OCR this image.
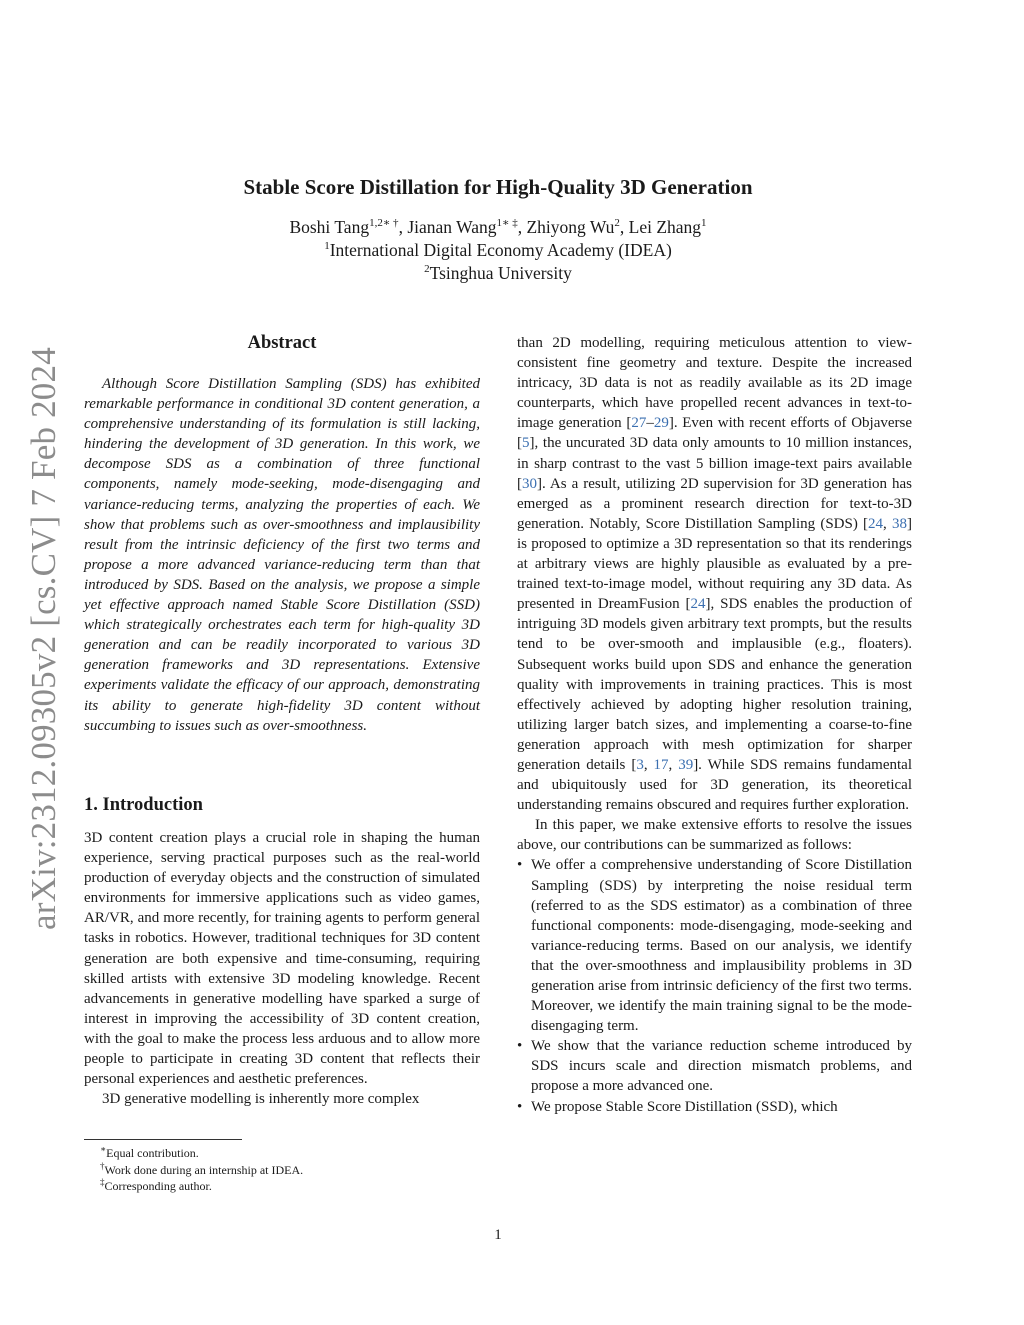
arXiv:2312.09305v2 [cs.CV] 7 Feb 2024
Stable Score Distillation for High-Quality 3D Generation
Boshi Tang$^{1,2∗ \dagger}$, Jianan Wang$^{1∗ \ddagger}$, Zhiyong Wu$^2$, Lei Zhang$^1$
$^1$International Digital Economy Academy (IDEA)
$^2$Tsinghua University
Abstract

Although Score Distillation Sampling (SDS) has exhibited remarkable performance in conditional 3D content generation, a comprehensive understanding of its formulation is still lacking, hindering the development of 3D generation. In this work, we decompose SDS as a combination of three functional components, namely mode-seeking, mode-disengaging and variance-reducing terms, analyzing the properties of each. We show that problems such as over-smoothness and implausibility result from the intrinsic deficiency of the first two terms and propose a more advanced variance-reducing term than that introduced by SDS. Based on the analysis, we propose a simple yet effective approach named Stable Score Distillation (SSD) which strategically orchestrates each term for high-quality 3D generation and can be readily incorporated to various 3D generation frameworks and 3D representations. Extensive experiments validate the efficacy of our approach, demonstrating its ability to generate high-fidelity 3D content without succumbing to issues such as over-smoothness.

1. Introduction

3D content creation plays a crucial role in shaping the human experience, serving practical purposes such as the real-world production of everyday objects and the construction of simulated environments for immersive applications such as video games, AR/VR, and more recently, for training agents to perform general tasks in robotics. However, traditional techniques for 3D content generation are both expensive and time-consuming, requiring skilled artists with extensive 3D modeling knowledge. Recent advancements in generative modelling have sparked a surge of interest in improving the accessibility of 3D content creation, with the goal to make the process less arduous and to allow more people to participate in creating 3D content that reflects their personal experiences and aesthetic preferences.

3D generative modelling is inherently more complex

∗Equal contribution.
†Work done during an internship at IDEA.
‡Corresponding author.

than 2D modelling, requiring meticulous attention to view-consistent fine geometry and texture. Despite the increased intricacy, 3D data is not as readily available as its 2D image counterparts, which have propelled recent advances in text-to-image generation [27–29]. Even with recent efforts of Objaverse [5], the uncurated 3D data only amounts to 10 million instances, in sharp contrast to the vast 5 billion image-text pairs available [30]. As a result, utilizing 2D supervision for 3D generation has emerged as a prominent research direction for text-to-3D generation. Notably, Score Distillation Sampling (SDS) [24, 38] is proposed to optimize a 3D representation so that its renderings at arbitrary views are highly plausible as evaluated by a pre-trained text-to-image model, without requiring any 3D data. As presented in DreamFusion [24], SDS enables the production of intriguing 3D models given arbitrary text prompts, but the results tend to be over-smooth and implausible (e.g., floaters). Subsequent works build upon SDS and enhance the generation quality with improvements in training practices. This is most effectively achieved by adopting higher resolution training, utilizing larger batch sizes, and implementing a coarse-to-fine generation approach with mesh optimization for sharper generation details [3, 17, 39]. While SDS remains fundamental and ubiquitously used for 3D generation, its theoretical understanding remains obscured and requires further exploration.

In this paper, we make extensive efforts to resolve the issues above, our contributions can be summarized as follows:

• We offer a comprehensive understanding of Score Distillation Sampling (SDS) by interpreting the noise residual term (referred to as the SDS estimator) as a combination of three functional components: mode-disengaging, mode-seeking and variance-reducing terms. Based on our analysis, we identify that the over-smoothness and implausibility problems in 3D generation arise from intrinsic deficiency of the first two terms. Moreover, we identify the main training signal to be the mode-disengaging term.
• We show that the variance reduction scheme introduced by SDS incurs scale and direction mismatch problems, and propose a more advanced one.
• We propose Stable Score Distillation (SSD), which
1
